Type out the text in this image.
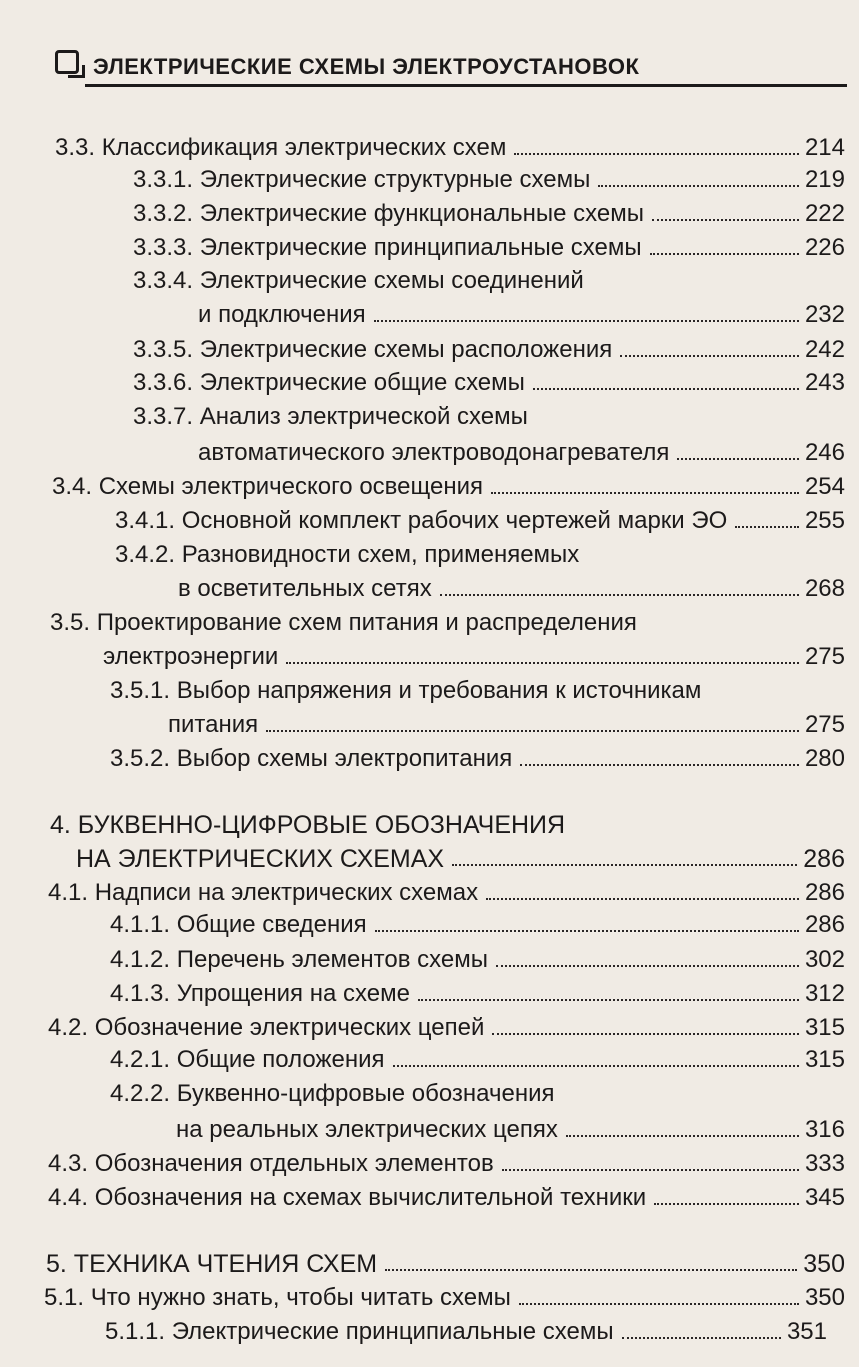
ЭЛЕКТРИЧЕСКИЕ СХЕМЫ ЭЛЕКТРОУСТАНОВОК
3.3. Классификация электрических схем	214
3.3.1. Электрические структурные схемы	219
3.3.2. Электрические функциональные схемы	222
3.3.3. Электрические принципиальные схемы	226
3.3.4. Электрические схемы соединений
и подключения	232
3.3.5. Электрические схемы расположения	242
3.3.6. Электрические общие схемы	243
3.3.7. Анализ электрической схемы
автоматического электроводонагревателя	246
3.4. Схемы электрического освещения	254
3.4.1. Основной комплект рабочих чертежей марки ЭО	255
3.4.2. Разновидности схем, применяемых
в осветительных сетях	268
3.5. Проектирование схем питания и распределения
электроэнергии	275
3.5.1. Выбор напряжения и требования к источникам
питания	275
3.5.2. Выбор схемы электропитания	280
4. БУКВЕННО-ЦИФРОВЫЕ ОБОЗНАЧЕНИЯ
НА ЭЛЕКТРИЧЕСКИХ СХЕМАХ	286
4.1. Надписи на электрических схемах	286
4.1.1. Общие сведения	286
4.1.2. Перечень элементов схемы	302
4.1.3. Упрощения на схеме	312
4.2. Обозначение электрических цепей	315
4.2.1. Общие положения	315
4.2.2. Буквенно-цифровые обозначения
на реальных электрических цепях	316
4.3. Обозначения отдельных элементов	333
4.4. Обозначения на схемах вычислительной техники	345
5. ТЕХНИКА ЧТЕНИЯ СХЕМ	350
5.1. Что нужно знать, чтобы читать схемы	350
5.1.1. Электрические принципиальные схемы	351
